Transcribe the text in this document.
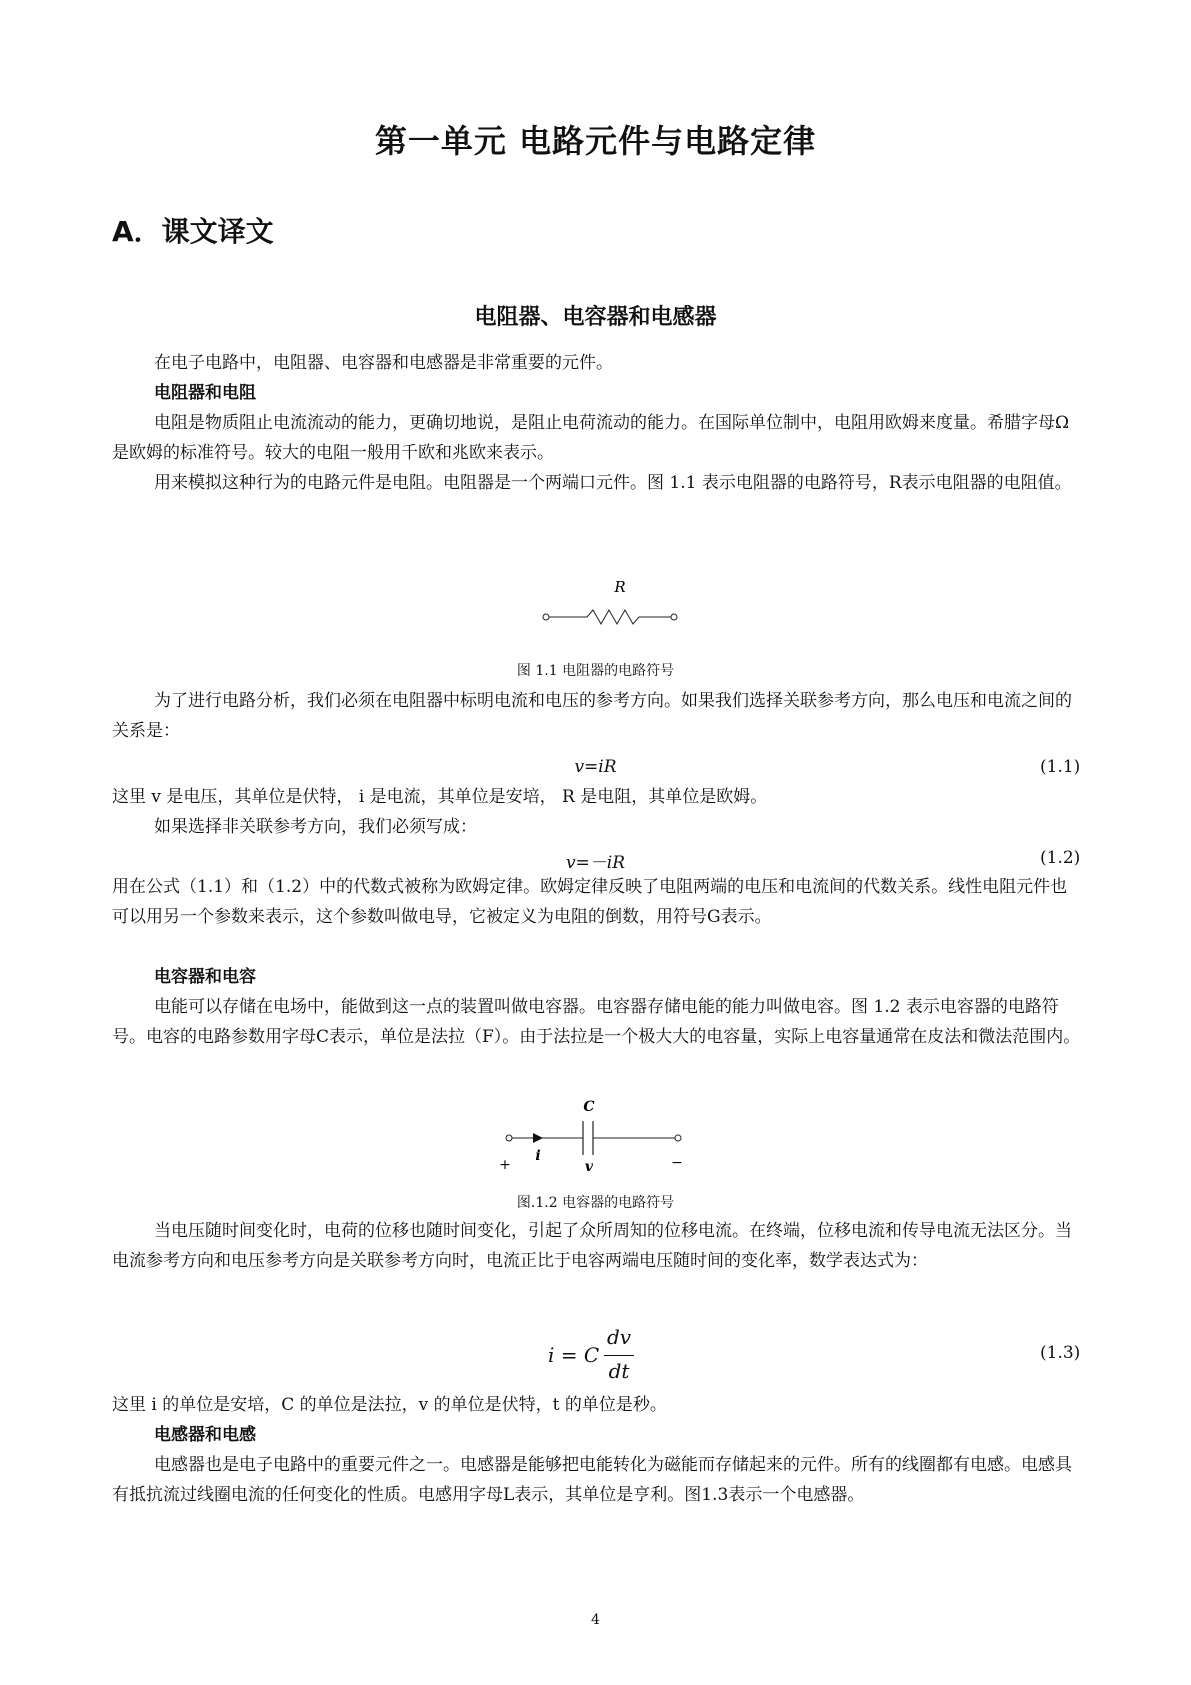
第一单元 电路元件与电路定律
A．课文译文
电阻器、电容器和电感器
在电子电路中，电阻器、电容器和电感器是非常重要的元件。
电阻器和电阻
电阻是物质阻止电流流动的能力，更确切地说，是阻止电荷流动的能力。在国际单位制中，电阻用欧姆来度量。希腊字母Ω是欧姆的标准符号。较大的电阻一般用千欧和兆欧来表示。
用来模拟这种行为的电路元件是电阻。电阻器是一个两端口元件。图 1.1 表示电阻器的电路符号，R表示电阻器的电阻值。
R
图 1.1 电阻器的电路符号
为了进行电路分析，我们必须在电阻器中标明电流和电压的参考方向。如果我们选择关联参考方向，那么电压和电流之间的关系是：
v=iR	(1.1)
这里 v 是电压，其单位是伏特， i 是电流，其单位是安培， R 是电阻，其单位是欧姆。
如果选择非关联参考方向，我们必须写成：
v=－iR	(1.2)
用在公式（1.1）和（1.2）中的代数式被称为欧姆定律。欧姆定律反映了电阻两端的电压和电流间的代数关系。线性电阻元件也可以用另一个参数来表示，这个参数叫做电导，它被定义为电阻的倒数，用符号G表示。
电容器和电容
电能可以存储在电场中，能做到这一点的装置叫做电容器。电容器存储电能的能力叫做电容。图 1.2 表示电容器的电路符号。电容的电路参数用字母C表示，单位是法拉（F）。由于法拉是一个极大大的电容量，实际上电容量通常在皮法和微法范围内。
C
i
+	v	−
图.1.2 电容器的电路符号
当电压随时间变化时，电荷的位移也随时间变化，引起了众所周知的位移电流。在终端，位移电流和传导电流无法区分。当电流参考方向和电压参考方向是关联参考方向时，电流正比于电容两端电压随时间的变化率，数学表达式为：
i = C
dv
dt
(1.3)
这里 i 的单位是安培，C 的单位是法拉，v 的单位是伏特，t 的单位是秒。
电感器和电感
电感器也是电子电路中的重要元件之一。电感器是能够把电能转化为磁能而存储起来的元件。所有的线圈都有电感。电感具有抵抗流过线圈电流的任何变化的性质。电感用字母L表示，其单位是亨利。图1.3表示一个电感器。
4
